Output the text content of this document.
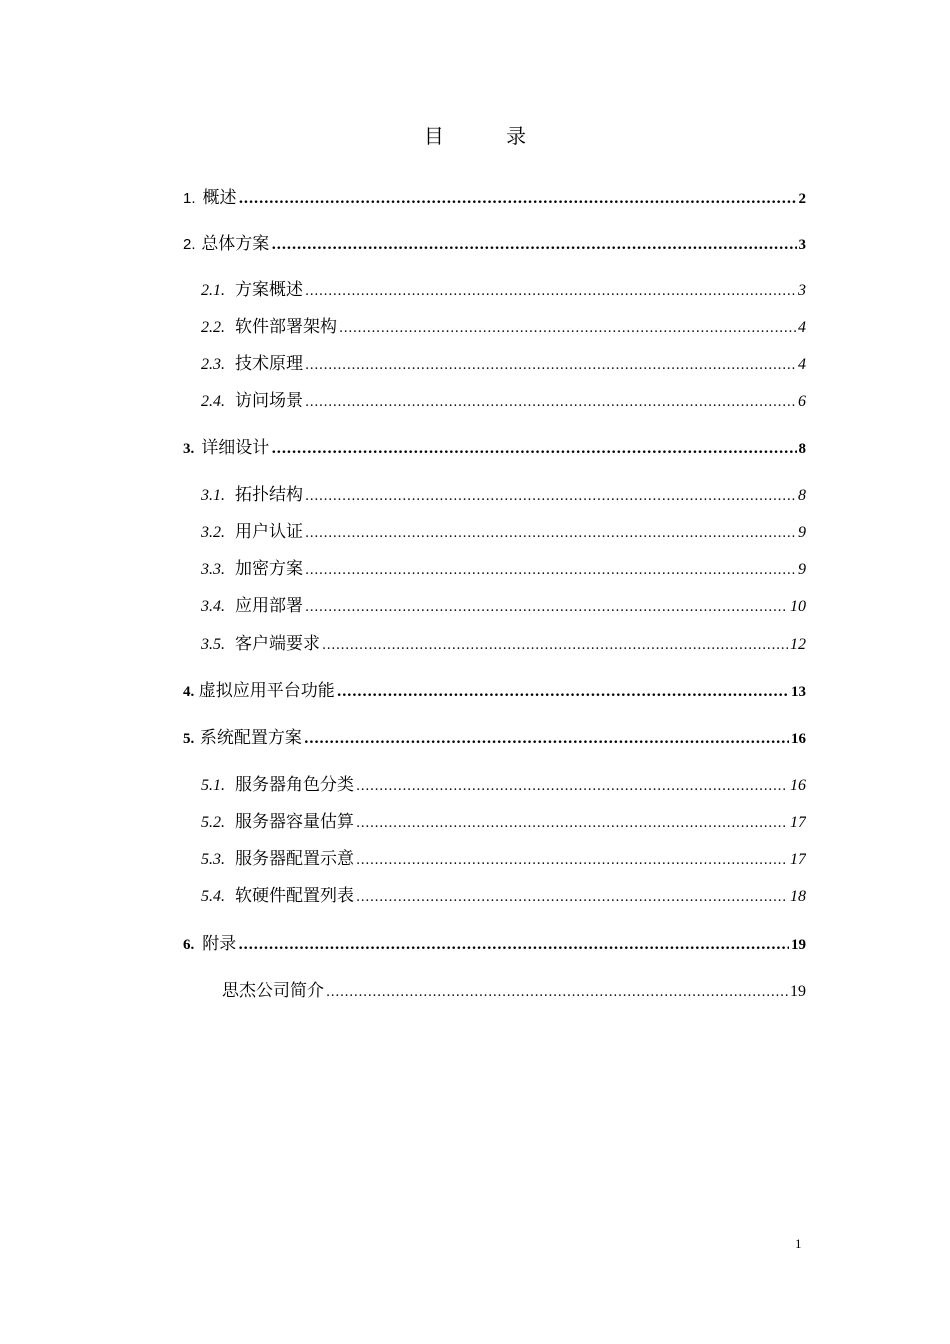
目 录
1. 概述 .....	2
2. 总体方案 .....	3
2.1. 方案概述 .....	3
2.2. 软件部署架构 .....	4
2.3. 技术原理 .....	4
2.4. 访问场景 .....	6
3. 详细设计 .....	8
3.1. 拓扑结构 .....	8
3.2. 用户认证 .....	9
3.3. 加密方案 .....	9
3.4. 应用部署 .....	10
3.5. 客户端要求 .....	12
4. 虚拟应用平台功能 .....	13
5. 系统配置方案 .....	16
5.1. 服务器角色分类 .....	16
5.2. 服务器容量估算 .....	17
5.3. 服务器配置示意 .....	17
5.4. 软硬件配置列表 .....	18
6. 附录 .....	19
思杰公司简介 .....	19
1
